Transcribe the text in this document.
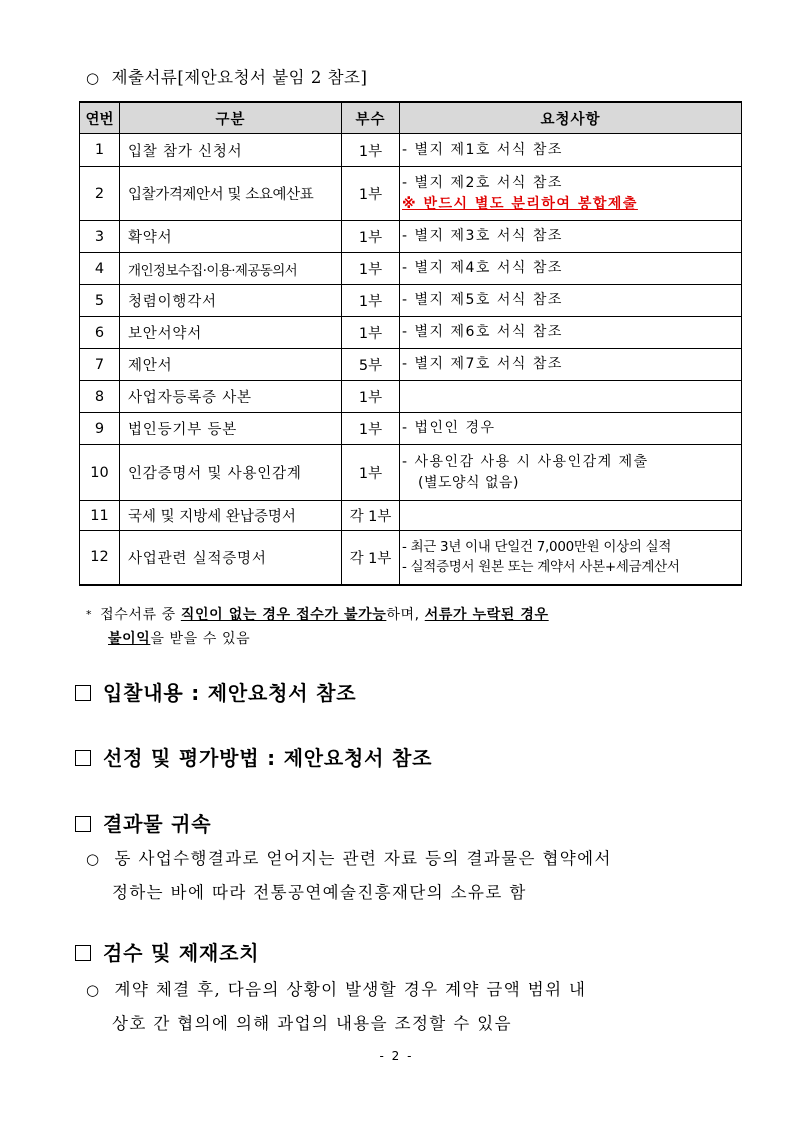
○ 제출서류[제안요청서 붙임 2 참조]
연번	구분	부수	요청사항
1	입찰 참가 신청서	1부	- 별지 제1호 서식 참조
2	입찰가격제안서 및 소요예산표	1부	- 별지 제2호 서식 참조
※ 반드시 별도 분리하여 봉합제출

3	확약서	1부	- 별지 제3호 서식 참조
4	개인정보수집·이용·제공동의서	1부	- 별지 제4호 서식 참조
5	청렴이행각서	1부	- 별지 제5호 서식 참조
6	보안서약서	1부	- 별지 제6호 서식 참조
7	제안서	5부	- 별지 제7호 서식 참조
8	사업자등록증 사본	1부	
9	법인등기부 등본	1부	- 법인인 경우
10	인감증명서 및 사용인감계	1부	- 사용인감 사용 시 사용인감계 제출
(별도양식 없음)

11	국세 및 지방세 완납증명서	각 1부	
12	사업관련 실적증명서	각 1부	- 최근 3년 이내 단일건 7,000만원 이상의 실적
- 실적증명서 원본 또는 계약서 사본+세금계산서
* 접수서류 중 직인이 없는 경우 접수가 불가능하며, 서류가 누락된 경우
불이익을 받을 수 있음
입찰내용 : 제안요청서 참조
선정 및 평가방법 : 제안요청서 참조
결과물 귀속
○ 동 사업수행결과로 얻어지는 관련 자료 등의 결과물은 협약에서
정하는 바에 따라 전통공연예술진흥재단의 소유로 함
검수 및 제재조치
○ 계약 체결 후, 다음의 상황이 발생할 경우 계약 금액 범위 내
상호 간 협의에 의해 과업의 내용을 조정할 수 있음
- 2 -
